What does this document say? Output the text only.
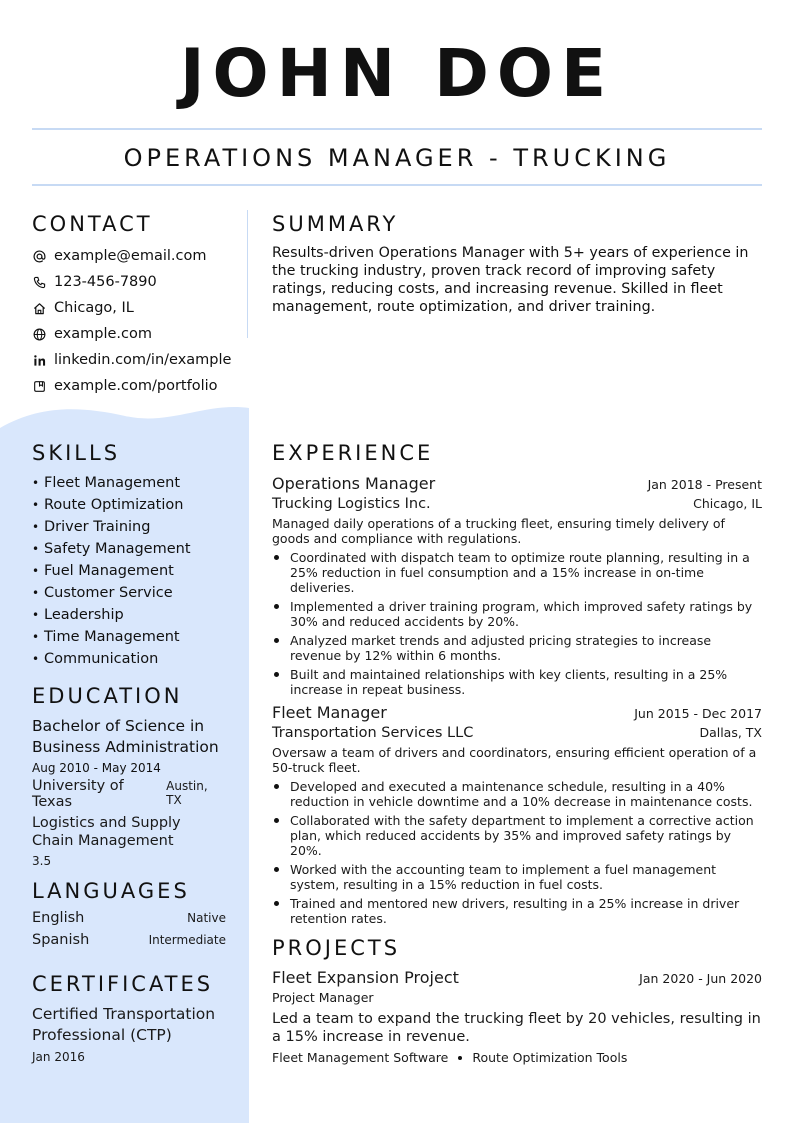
JOHN DOE
OPERATIONS MANAGER - TRUCKING
CONTACT
example@email.com
123-456-7890
Chicago, IL
example.com
linkedin.com/in/example
example.com/portfolio
SUMMARY
Results-driven Operations Manager with 5+ years of experience in the trucking industry, proven track record of improving safety ratings, reducing costs, and increasing revenue. Skilled in fleet management, route optimization, and driver training.
SKILLS
• Fleet Management
• Route Optimization
• Driver Training
• Safety Management
• Fuel Management
• Customer Service
• Leadership
• Time Management
• Communication
EDUCATION
Bachelor of Science in Business Administration
Aug 2010 - May 2014
University of Texas
Austin, TX
Logistics and Supply Chain Management
3.5
LANGUAGES
English	Native
Spanish	Intermediate
CERTIFICATES
Certified Transportation Professional (CTP)
Jan 2016
EXPERIENCE
Operations Manager	Jan 2018 - Present
Trucking Logistics Inc.	Chicago, IL
Managed daily operations of a trucking fleet, ensuring timely delivery of goods and compliance with regulations.
Coordinated with dispatch team to optimize route planning, resulting in a 25% reduction in fuel consumption and a 15% increase in on-time deliveries.
Implemented a driver training program, which improved safety ratings by 30% and reduced accidents by 20%.
Analyzed market trends and adjusted pricing strategies to increase revenue by 12% within 6 months.
Built and maintained relationships with key clients, resulting in a 25% increase in repeat business.
Fleet Manager	Jun 2015 - Dec 2017
Transportation Services LLC	Dallas, TX
Oversaw a team of drivers and coordinators, ensuring efficient operation of a 50-truck fleet.
Developed and executed a maintenance schedule, resulting in a 40% reduction in vehicle downtime and a 10% decrease in maintenance costs.
Collaborated with the safety department to implement a corrective action plan, which reduced accidents by 35% and improved safety ratings by 20%.
Worked with the accounting team to implement a fuel management system, resulting in a 15% reduction in fuel costs.
Trained and mentored new drivers, resulting in a 25% increase in driver retention rates.
PROJECTS
Fleet Expansion Project	Jan 2020 - Jun 2020
Project Manager
Led a team to expand the trucking fleet by 20 vehicles, resulting in a 15% increase in revenue.
Fleet Management Software Route Optimization Tools
